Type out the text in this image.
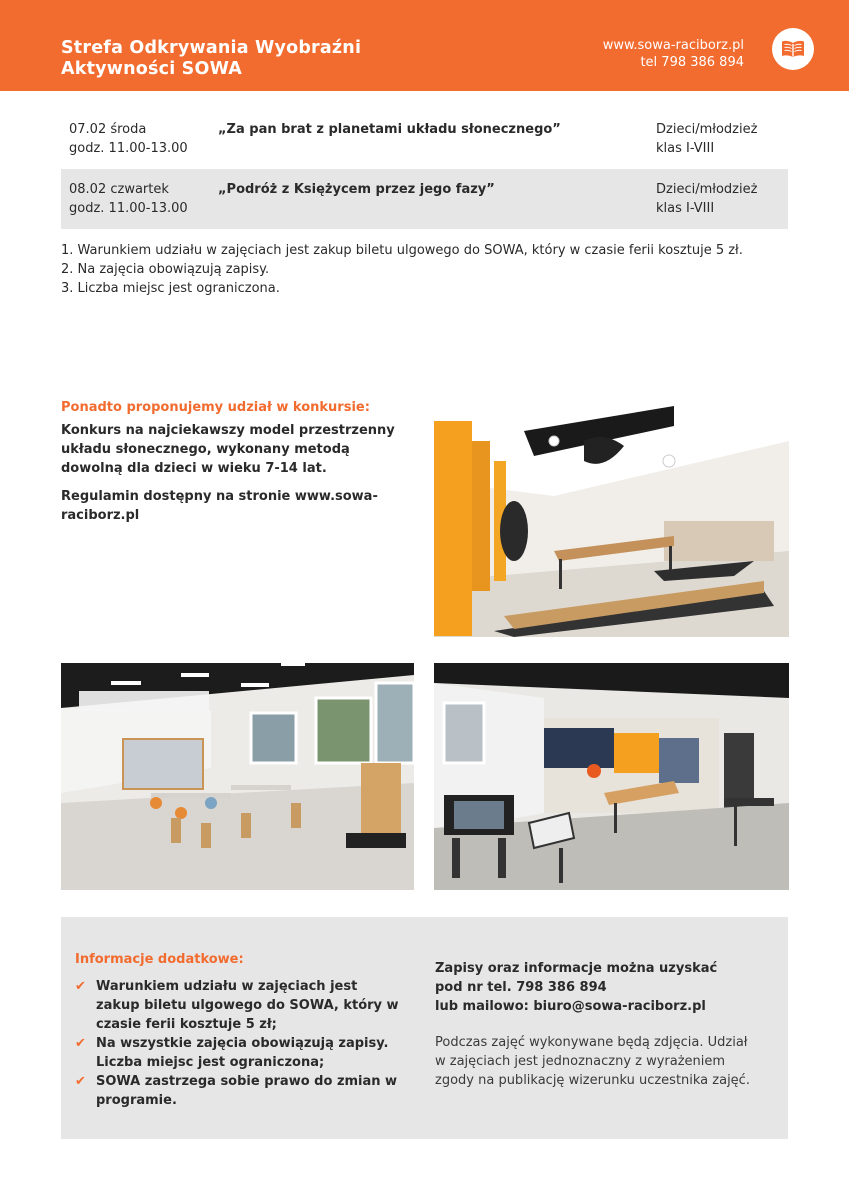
Strefa Odkrywania Wyobraźni
Aktywności SOWA
www.sowa-raciborz.pl
tel 798 386 894
07.02 środa
godz. 11.00-13.00
„Za pan brat z planetami układu słonecznego”	Dzieci/młodzież
klas I-VIII
08.02 czwartek
godz. 11.00-13.00
„Podróż z Księżycem przez jego fazy”	Dzieci/młodzież
klas I-VIII
1. Warunkiem udziału w zajęciach jest zakup biletu ulgowego do SOWA, który w czasie ferii kosztuje 5 zł.
2. Na zajęcia obowiązują zapisy.
3. Liczba miejsc jest ograniczona.
Ponadto proponujemy udział w konkursie:
Konkurs na najciekawszy model przestrzenny układu słonecznego, wykonany metodą dowolną dla dzieci w wieku 7-14 lat.
Regulamin dostępny na stronie www.sowa-raciborz.pl
Informacje dodatkowe:
✔ Warunkiem udziału w zajęciach jest zakup biletu ulgowego do SOWA, który w czasie ferii kosztuje 5 zł;
✔ Na wszystkie zajęcia obowiązują zapisy. Liczba miejsc jest ograniczona;
✔ SOWA zastrzega sobie prawo do zmian w programie.
Zapisy oraz informacje można uzyskać
pod nr tel. 798 386 894
lub mailowo: biuro@sowa-raciborz.pl
Podczas zajęć wykonywane będą zdjęcia. Udział w zajęciach jest jednoznaczny z wyrażeniem zgody na publikację wizerunku uczestnika zajęć.
